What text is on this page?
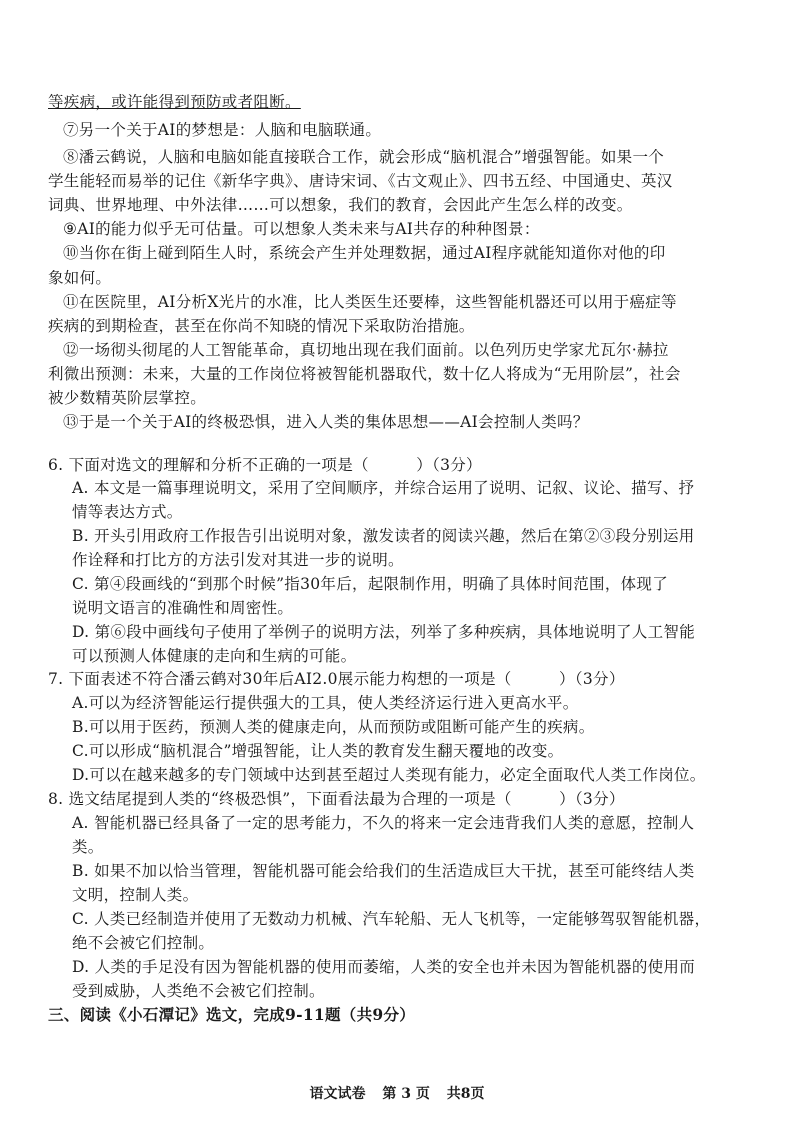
等疾病，或许能得到预防或者阻断。
⑦另一个关于AI的梦想是：人脑和电脑联通。
⑧潘云鹤说，人脑和电脑如能直接联合工作，就会形成“脑机混合”增强智能。如果一个
学生能轻而易举的记住《新华字典》、唐诗宋词、《古文观止》、四书五经、中国通史、英汉
词典、世界地理、中外法律……可以想象，我们的教育，会因此产生怎么样的改变。
⑨AI的能力似乎无可估量。可以想象人类未来与AI共存的种种图景：
⑩当你在街上碰到陌生人时，系统会产生并处理数据，通过AI程序就能知道你对他的印
象如何。
⑪在医院里，AI分析X光片的水准，比人类医生还要棒，这些智能机器还可以用于癌症等
疾病的到期检查，甚至在你尚不知晓的情况下采取防治措施。
⑫一场彻头彻尾的人工智能革命，真切地出现在我们面前。以色列历史学家尤瓦尔·赫拉
利微出预测：未来，大量的工作岗位将被智能机器取代，数十亿人将成为“无用阶层”，社会
被少数精英阶层掌控。
⑬于是一个关于AI的终极恐惧，进入人类的集体思想——AI会控制人类吗？
6. 下面对选文的理解和分析不正确的一项是（　　　）（3分）
A. 本文是一篇事理说明文，采用了空间顺序，并综合运用了说明、记叙、议论、描写、抒
情等表达方式。
B. 开头引用政府工作报告引出说明对象，激发读者的阅读兴趣，然后在第②③段分别运用
作诠释和打比方的方法引发对其进一步的说明。
C. 第④段画线的“到那个时候”指30年后，起限制作用，明确了具体时间范围，体现了
说明文语言的准确性和周密性。
D. 第⑥段中画线句子使用了举例子的说明方法，列举了多种疾病，具体地说明了人工智能
可以预测人体健康的走向和生病的可能。
7. 下面表述不符合潘云鹤对30年后AI2.0展示能力构想的一项是（　　　）（3分）
A.可以为经济智能运行提供强大的工具，使人类经济运行进入更高水平。
B.可以用于医药，预测人类的健康走向，从而预防或阻断可能产生的疾病。
C.可以形成“脑机混合”增强智能，让人类的教育发生翻天覆地的改变。
D.可以在越来越多的专门领域中达到甚至超过人类现有能力，必定全面取代人类工作岗位。
8. 选文结尾提到人类的“终极恐惧”，下面看法最为合理的一项是（　　　）（3分）
A. 智能机器已经具备了一定的思考能力，不久的将来一定会违背我们人类的意愿，控制人
类。
B. 如果不加以恰当管理，智能机器可能会给我们的生活造成巨大干扰，甚至可能终结人类
文明，控制人类。
C. 人类已经制造并使用了无数动力机械、汽车轮船、无人飞机等，一定能够驾驭智能机器，
绝不会被它们控制。
D. 人类的手足没有因为智能机器的使用而萎缩，人类的安全也并未因为智能机器的使用而
受到威胁，人类绝不会被它们控制。
三、阅读《小石潭记》选文，完成9-11题（共9分）
语文试卷 第 3 页 共8页
